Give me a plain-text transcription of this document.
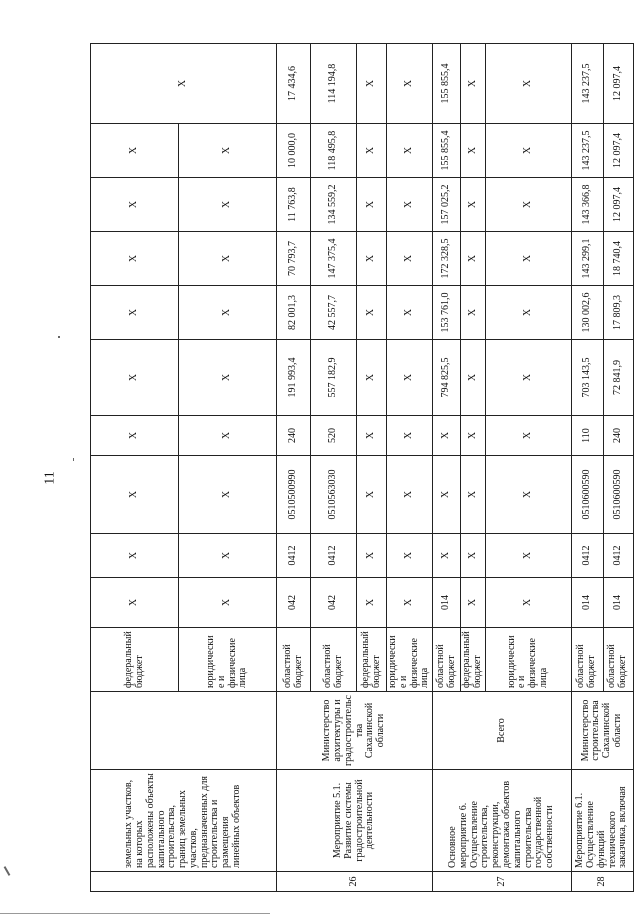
11
	земельных участков, на которых расположены объекты капитального строительства, границ земельных участков, предназначенных для строительства и размещения линейных объектов		федеральный бюджет	X	X	X	X	X	X	X	X	X	X
			юридические и физические лица	X	X	X	X	X	X	X	X	X	
26	Мероприятие 5.1. Развитие системы градостроительной деятельности	Министерство архитектуры и градостроительства Сахалинской области	областной бюджет	042	0412	0510500990	240	191 993,4	82 001,3	70 793,7	11 763,8	10 000,0	17 434,6
			областной бюджет	042	0412	0510563030	520	557 182,9	42 557,7	147 375,4	134 559,2	118 495,8	114 194,8
			федеральный бюджет	X	X	X	X	X	X	X	X	X	X
			юридические и физические лица	X	X	X	X	X	X	X	X	X	X
27	Основное мероприятие 6. Осуществление строительства, реконструкции, демонтажа объектов капитального строительства государственной собственности	Всего	областной бюджет	014	X	X	X	794 825,5	153 761,0	172 328,5	157 025,2	155 855,4	155 855,4
			федеральный бюджет	X	X	X	X	X	X	X	X	X	X
			юридические и физические лица	X	X	X	X	X	X	X	X	X	X
28	Мероприятие 6.1. Осуществление функций технического заказчика, включая	Министерство строительства Сахалинской области	областной бюджет	014	0412	0510600590	110	703 143,5	130 002,6	143 299,1	143 366,8	143 237,5	143 237,5
			областной бюджет	014	0412	0510600590	240	72 841,9	17 809,3	18 740,4	12 097,4	12 097,4	12 097,4
